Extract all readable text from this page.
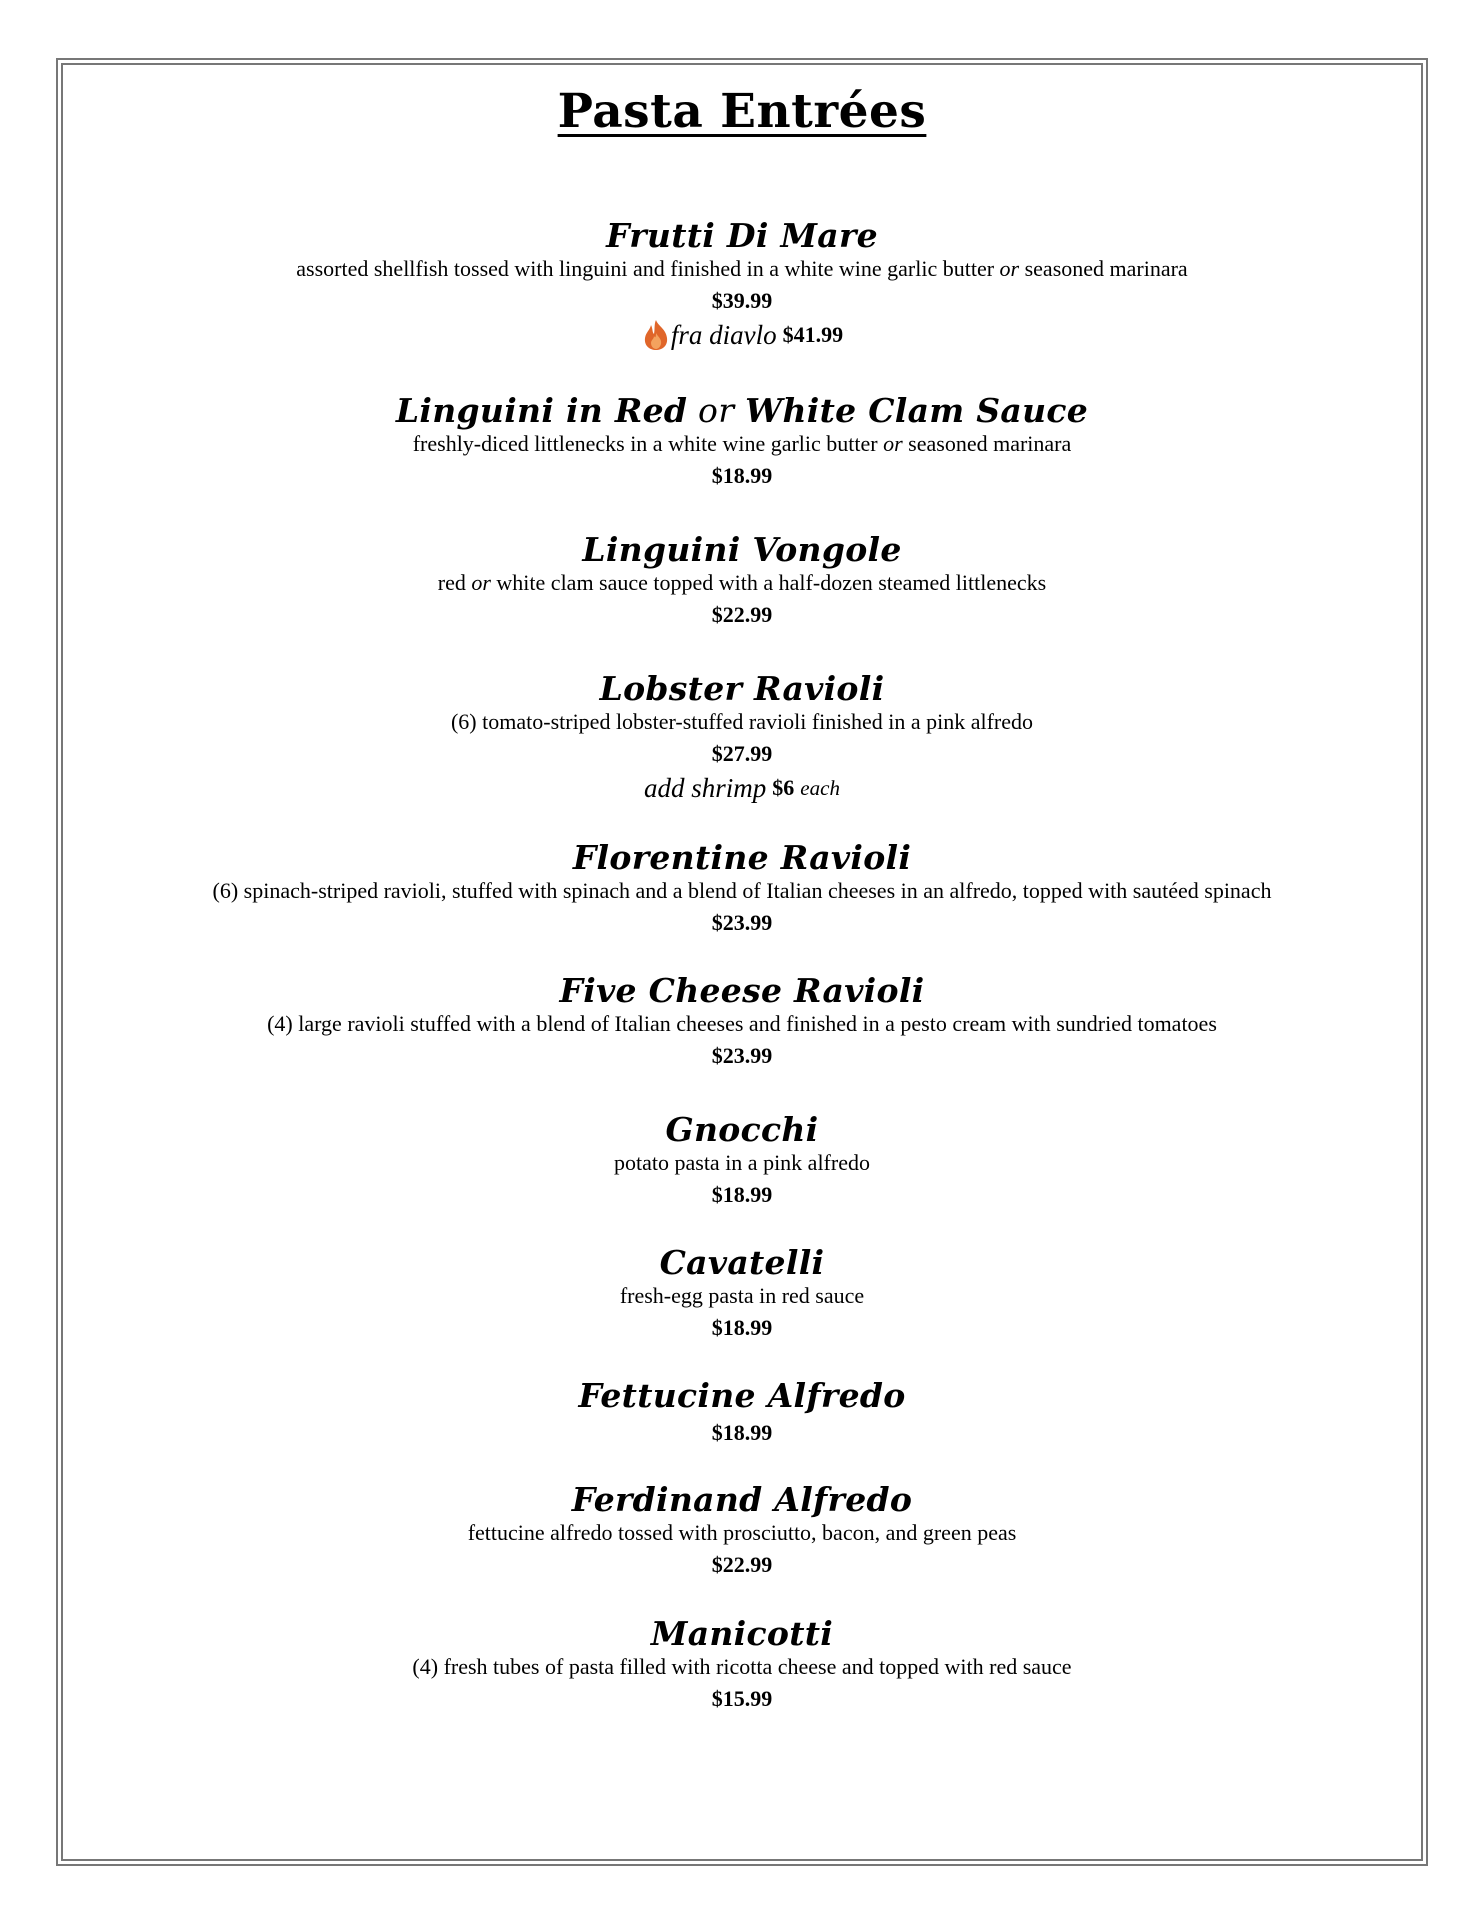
Pasta Entrées
Frutti Di Mare
assorted shellfish tossed with linguini and finished in a white wine garlic butter or seasoned marinara
$39.99
fra diavlo $41.99
Linguini in Red or White Clam Sauce
freshly-diced littlenecks in a white wine garlic butter or seasoned marinara
$18.99
Linguini Vongole
red or white clam sauce topped with a half-dozen steamed littlenecks
$22.99
Lobster Ravioli
(6) tomato-striped lobster-stuffed ravioli finished in a pink alfredo
$27.99
add shrimp $6 each
Florentine Ravioli
(6) spinach-striped ravioli, stuffed with spinach and a blend of Italian cheeses in an alfredo, topped with sautéed spinach
$23.99
Five Cheese Ravioli
(4) large ravioli stuffed with a blend of Italian cheeses and finished in a pesto cream with sundried tomatoes
$23.99
Gnocchi
potato pasta in a pink alfredo
$18.99
Cavatelli
fresh-egg pasta in red sauce
$18.99
Fettucine Alfredo
$18.99
Ferdinand Alfredo
fettucine alfredo tossed with prosciutto, bacon, and green peas
$22.99
Manicotti
(4) fresh tubes of pasta filled with ricotta cheese and topped with red sauce
$15.99
